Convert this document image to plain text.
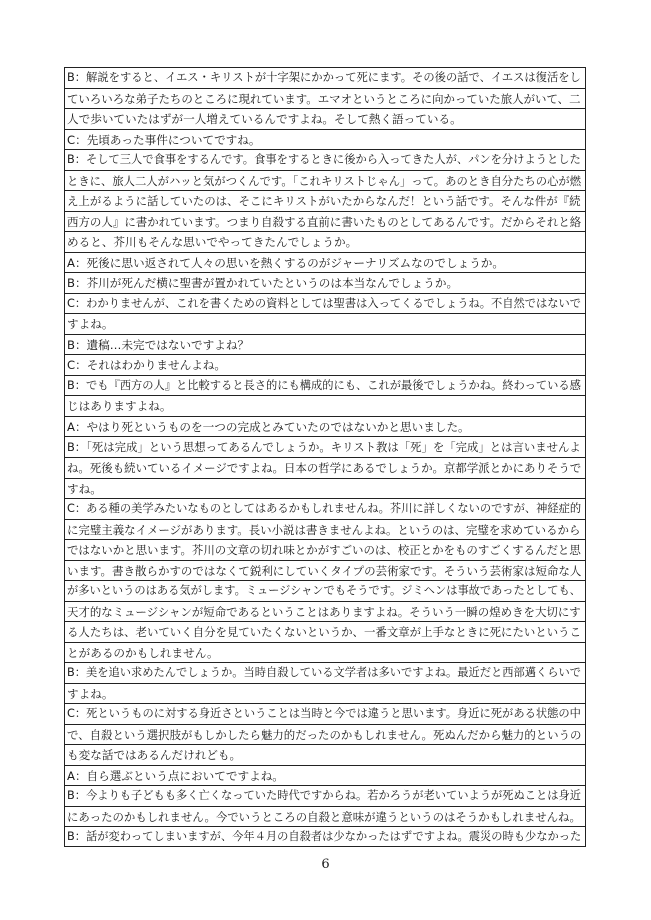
B：解説をすると、イエス・キリストが十字架にかかって死にます。その後の話で、イエスは復活をし
ていろいろな弟子たちのところに現れています。エマオというところに向かっていた旅人がいて、二
人で歩いていたはずが一人増えているんですよね。そして熱く語っている。
C：先頃あった事件についてですね。
B：そして三人で食事をするんです。食事をするときに後から入ってきた人が、パンを分けようとした
ときに、旅人二人がハッと気がつくんです。「これキリストじゃん」って。あのとき自分たちの心が燃
え上がるように話していたのは、そこにキリストがいたからなんだ！という話です。そんな件が『続
西方の人』に書かれています。つまり自殺する直前に書いたものとしてあるんです。だからそれと絡
めると、芥川もそんな思いでやってきたんでしょうか。
A：死後に思い返されて人々の思いを熱くするのがジャーナリズムなのでしょうか。
B：芥川が死んだ横に聖書が置かれていたというのは本当なんでしょうか。
C：わかりませんが、これを書くための資料としては聖書は入ってくるでしょうね。不自然ではないで
すよね。
B：遺稿…未完ではないですよね？
C：それはわかりませんよね。
B：でも『西方の人』と比較すると長さ的にも構成的にも、これが最後でしょうかね。終わっている感
じはありますよね。
A：やはり死というものを一つの完成とみていたのではないかと思いました。
B：「死は完成」という思想ってあるんでしょうか。キリスト教は「死」を「完成」とは言いませんよ
ね。死後も続いているイメージですよね。日本の哲学にあるでしょうか。京都学派とかにありそうで
すね。
C：ある種の美学みたいなものとしてはあるかもしれませんね。芥川に詳しくないのですが、神経症的
に完璧主義なイメージがあります。長い小説は書きませんよね。というのは、完璧を求めているから
ではないかと思います。芥川の文章の切れ味とかがすごいのは、校正とかをものすごくするんだと思
います。書き散らかすのではなくて鋭利にしていくタイプの芸術家です。そういう芸術家は短命な人
が多いというのはある気がします。ミュージシャンでもそうです。ジミヘンは事故であったとしても、
天才的なミュージシャンが短命であるということはありますよね。そういう一瞬の煌めきを大切にす
る人たちは、老いていく自分を見ていたくないというか、一番文章が上手なときに死にたいというこ
とがあるのかもしれません。
B：美を追い求めたんでしょうか。当時自殺している文学者は多いですよね。最近だと西部邁くらいで
すよね。
C：死というものに対する身近さということは当時と今では違うと思います。身近に死がある状態の中
で、自殺という選択肢がもしかしたら魅力的だったのかもしれません。死ぬんだから魅力的というの
も変な話ではあるんだけれども。
A：自ら選ぶという点においてですよね。
B：今よりも子どもも多く亡くなっていた時代ですからね。若かろうが老いていようが死ぬことは身近
にあったのかもしれません。今でいうところの自殺と意味が違うというのはそうかもしれませんね。
B：話が変わってしまいますが、今年４月の自殺者は少なかったはずですよね。震災の時も少なかった
6
